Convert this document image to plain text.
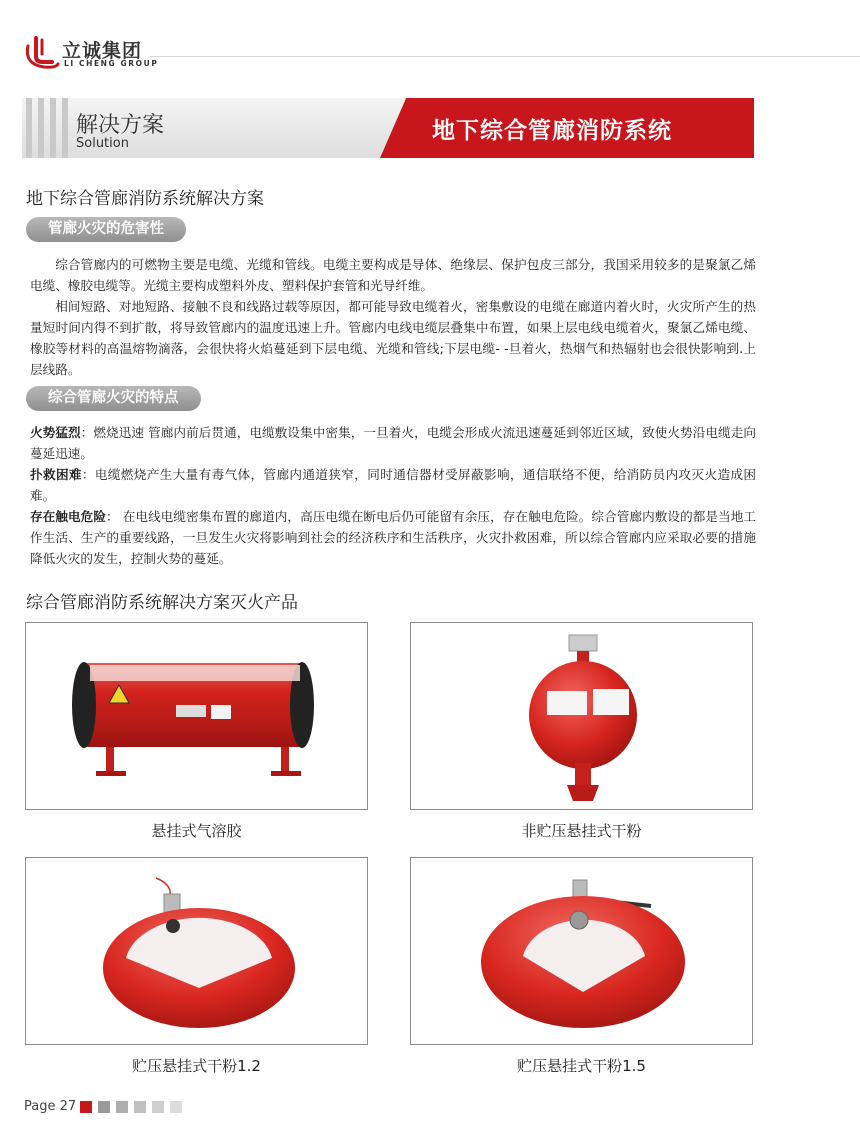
立诚集团
LI CHENG GROUP
解决方案
Solution	地下综合管廊消防系统
地下综合管廊消防系统解决方案
管廊火灾的危害性
综合管廊内的可燃物主要是电缆、光缆和管线。电缆主要构成是导体、绝缘层、保护包皮三部分，我国采用较多的是聚氯乙烯电缆、橡胶电缆等。光缆主要构成塑料外皮、塑料保护套管和光导纤维。
相间短路、对地短路、接触不良和线路过载等原因，都可能导致电缆着火，密集敷设的电缆在廊道内着火时，火灾所产生的热量短时间内得不到扩散，将导致管廊内的温度迅速上升。管廊内电线电缆层叠集中布置，如果上层电线电缆着火，聚氯乙烯电缆、橡胶等材料的高温熔物滴落，会很快将火焰蔓延到下层电缆、光缆和管线;下层电缆- -旦着火，热烟气和热辐射也会很快影响到.上层线路。
综合管廊火灾的特点
火势猛烈：燃烧迅速 管廊内前后贯通，电缆敷设集中密集，一旦着火，电缆会形成火流迅速蔓延到邻近区域，致使火势沿电缆走向蔓延迅速。
扑救困难：电缆燃烧产生大量有毒气体，管廊内通道狭窄，同时通信器材受屏蔽影响，通信联络不便，给消防员内攻灭火造成困难。
存在触电危险： 在电线电缆密集布置的廊道内，高压电缆在断电后仍可能留有余压，存在触电危险。综合管廊内敷设的都是当地工作生活、生产的重要线路，一旦发生火灾将影响到社会的经济秩序和生活秩序，火灾扑救困难，所以综合管廊内应采取必要的措施降低火灾的发生，控制火势的蔓延。
综合管廊消防系统解决方案灭火产品
悬挂式气溶胶	非贮压悬挂式干粉
贮压悬挂式干粉1.2	贮压悬挂式干粉1.5
Page 27
